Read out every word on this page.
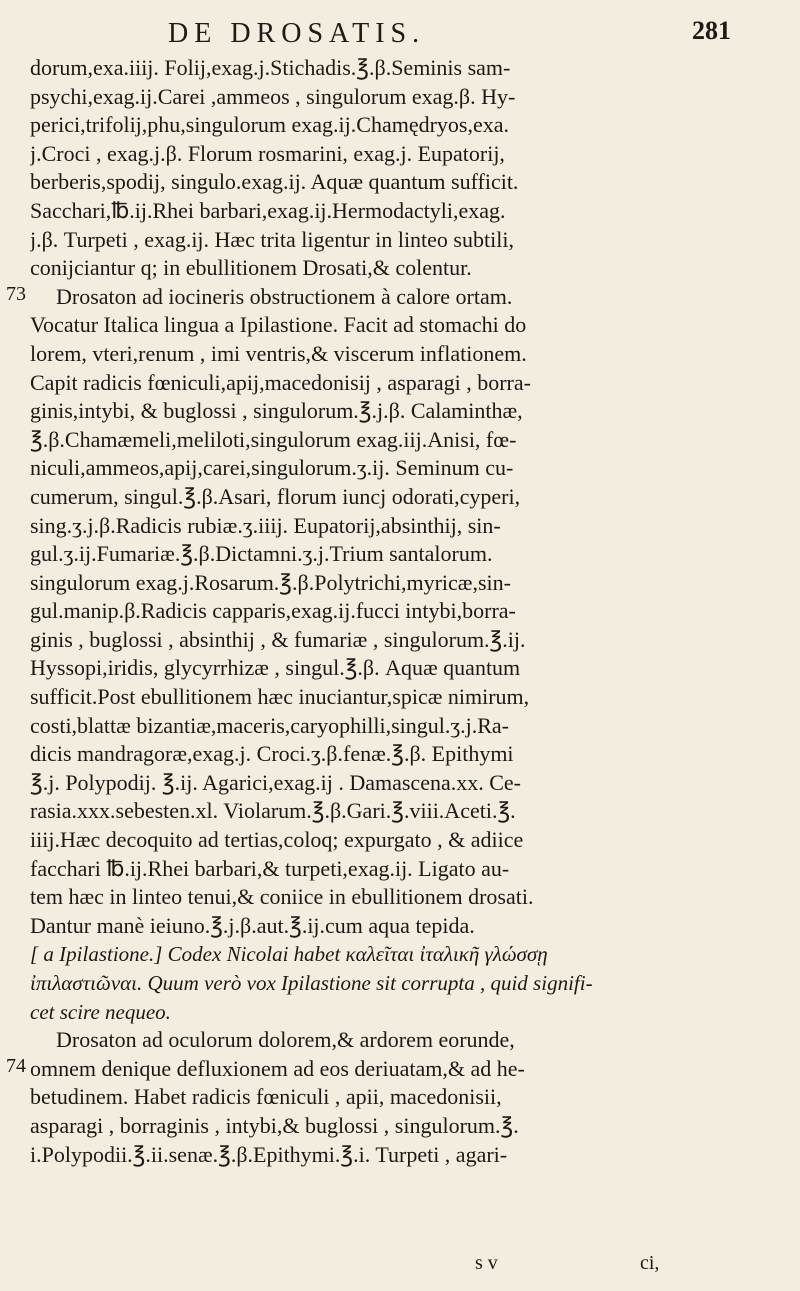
DE DROSATIS.	281
73
74
dorum,exa.iiij. Folij,exag.j.Stichadis.℥.β.Seminis sam-
psychi,exag.ij.Carei ,ammeos , singulorum exag.β. Hy-
perici,trifolij,phu,singulorum exag.ij.Chamędryos,exa.
j.Croci , exag.j.β. Florum rosmarini, exag.j. Eupatorij,
berberis,spodij, singulo.exag.ij. Aquæ quantum sufficit.
Sacchari,℔.ij.Rhei barbari,exag.ij.Hermodactyli,exag.
j.β. Turpeti , exag.ij. Hæc trita ligentur in linteo subtili,
conijciantur q; in ebullitionem Drosati,& colentur.
Drosaton ad iocineris obstructionem à calore ortam.
Vocatur Italica lingua a Ipilastione. Facit ad stomachi do
lorem, vteri,renum , imi ventris,& viscerum inflationem.
Capit radicis fœniculi,apij,macedonisij , asparagi , borra-
ginis,intybi, & buglossi , singulorum.℥.j.β. Calaminthæ,
℥.β.Chamæmeli,meliloti,singulorum exag.iij.Anisi, fœ-
niculi,ammeos,apij,carei,singulorum.ʒ.ij. Seminum cu-
cumerum, singul.℥.β.Asari, florum iuncj odorati,cyperi,
sing.ʒ.j.β.Radicis rubiæ.ʒ.iiij. Eupatorij,absinthij, sin-
gul.ʒ.ij.Fumariæ.℥.β.Dictamni.ʒ.j.Trium santalorum.
singulorum exag.j.Rosarum.℥.β.Polytrichi,myricæ,sin-
gul.manip.β.Radicis capparis,exag.ij.fucci intybi,borra-
ginis , buglossi , absinthij , & fumariæ , singulorum.℥.ij.
Hyssopi,iridis, glycyrrhizæ , singul.℥.β. Aquæ quantum
sufficit.Post ebullitionem hæc inuciantur,spicæ nimirum,
costi,blattæ bizantiæ,maceris,caryophilli,singul.ʒ.j.Ra-
dicis mandragoræ,exag.j. Croci.ʒ.β.fenæ.℥.β. Epithymi
℥.j. Polypodij. ℥.ij. Agarici,exag.ij . Damascena.xx. Ce-
rasia.xxx.sebesten.xl. Violarum.℥.β.Gari.℥.viii.Aceti.℥.
iiij.Hæc decoquito ad tertias,coloq; expurgato , & adiice
facchari ℔.ij.Rhei barbari,& turpeti,exag.ij. Ligato au-
tem hæc in linteo tenui,& coniice in ebullitionem drosati.
Dantur manè ieiuno.℥.j.β.aut.℥.ij.cum aqua tepida.
[ a Ipilastione.] Codex Nicolai habet καλεῖται ἰταλικῆ γλώσσῃ
ἰπιλαστιῶναι. Quum verò vox Ipilastione sit corrupta , quid signifi-
cet scire nequeo.
Drosaton ad oculorum dolorem,& ardorem eorunde,
omnem denique defluxionem ad eos deriuatam,& ad he-
betudinem. Habet radicis fœniculi , apii, macedonisii,
asparagi , borraginis , intybi,& buglossi , singulorum.℥.
i.Polypodii.℥.ii.senæ.℥.β.Epithymi.℥.i. Turpeti , agari-
s v	ci,
